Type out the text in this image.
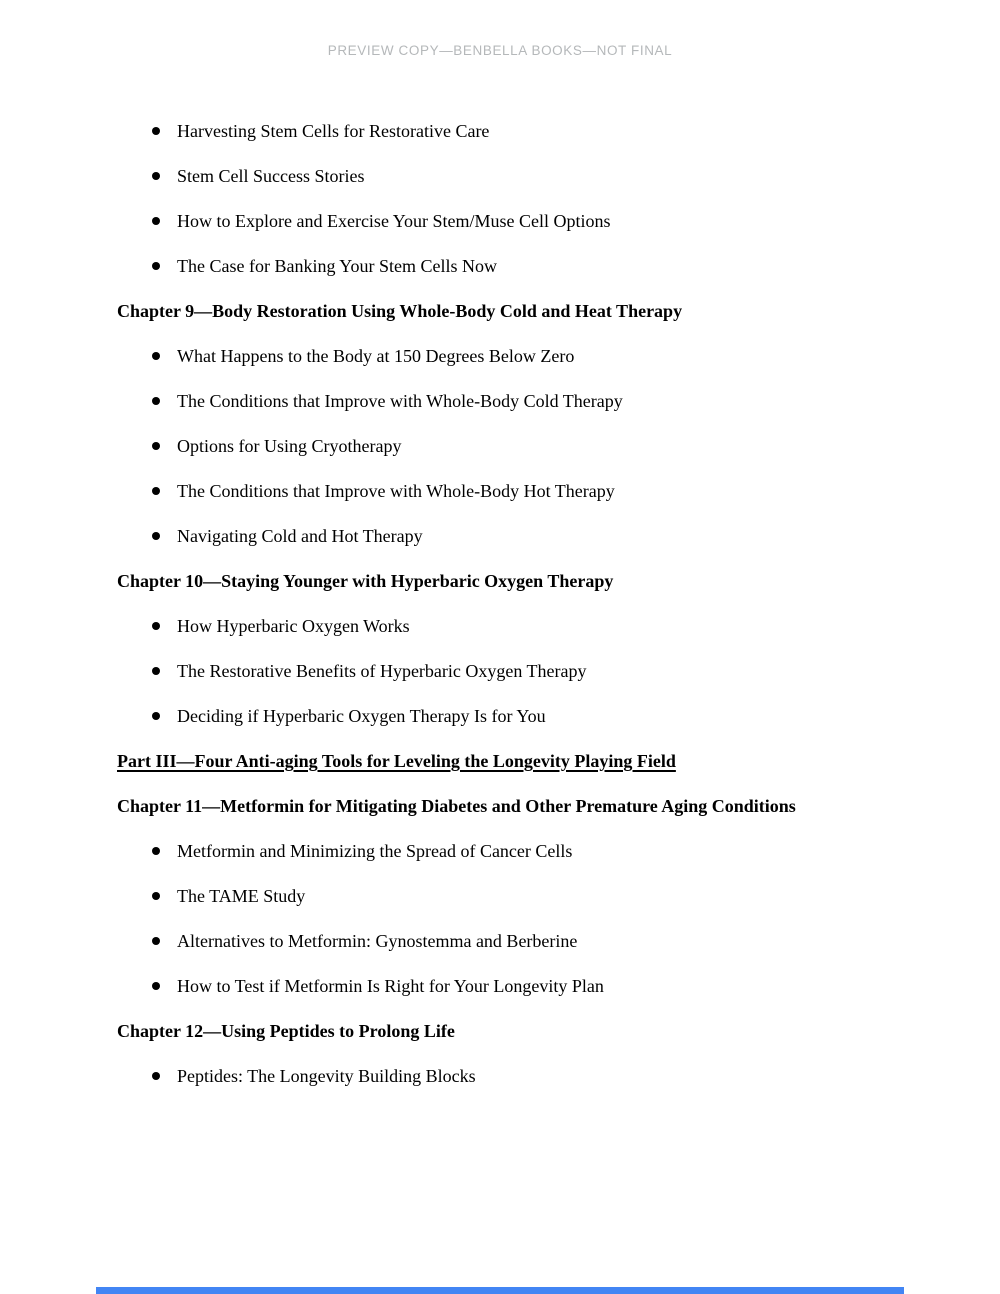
PREVIEW COPY—BENBELLA BOOKS—NOT FINAL
Harvesting Stem Cells for Restorative Care
Stem Cell Success Stories
How to Explore and Exercise Your Stem/Muse Cell Options
The Case for Banking Your Stem Cells Now
Chapter 9—Body Restoration Using Whole-Body Cold and Heat Therapy
What Happens to the Body at 150 Degrees Below Zero
The Conditions that Improve with Whole-Body Cold Therapy
Options for Using Cryotherapy
The Conditions that Improve with Whole-Body Hot Therapy
Navigating Cold and Hot Therapy
Chapter 10—Staying Younger with Hyperbaric Oxygen Therapy
How Hyperbaric Oxygen Works
The Restorative Benefits of Hyperbaric Oxygen Therapy
Deciding if Hyperbaric Oxygen Therapy Is for You
Part III—Four Anti-aging Tools for Leveling the Longevity Playing Field
Chapter 11—Metformin for Mitigating Diabetes and Other Premature Aging Conditions
Metformin and Minimizing the Spread of Cancer Cells
The TAME Study
Alternatives to Metformin: Gynostemma and Berberine
How to Test if Metformin Is Right for Your Longevity Plan
Chapter 12—Using Peptides to Prolong Life
Peptides: The Longevity Building Blocks
